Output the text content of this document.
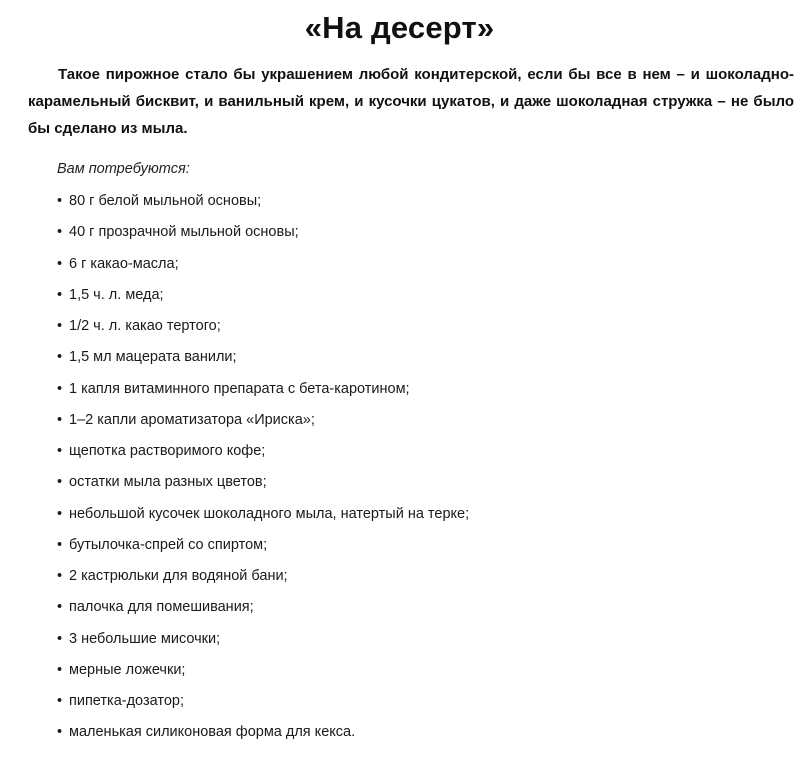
«На десерт»

Такое пирожное стало бы украшением любой кондитерской, если бы все в нем – и шоколадно-карамельный бисквит, и ванильный крем, и кусочки цукатов, и даже шоколадная стружка – не было бы сделано из мыла.

Вам потребуются:

• 80 г белой мыльной основы;
• 40 г прозрачной мыльной основы;
• 6 г какао-масла;
• 1,5 ч. л. меда;
• 1/2 ч. л. какао тертого;
• 1,5 мл мацерата ванили;
• 1 капля витаминного препарата с бета-каротином;
• 1–2 капли ароматизатора «Ириска»;
• щепотка растворимого кофе;
• остатки мыла разных цветов;
• небольшой кусочек шоколадного мыла, натертый на терке;
• бутылочка-спрей со спиртом;
• 2 кастрюльки для водяной бани;
• палочка для помешивания;
• 3 небольшие мисочки;
• мерные ложечки;
• пипетка-дозатор;
• маленькая силиконовая форма для кекса.
